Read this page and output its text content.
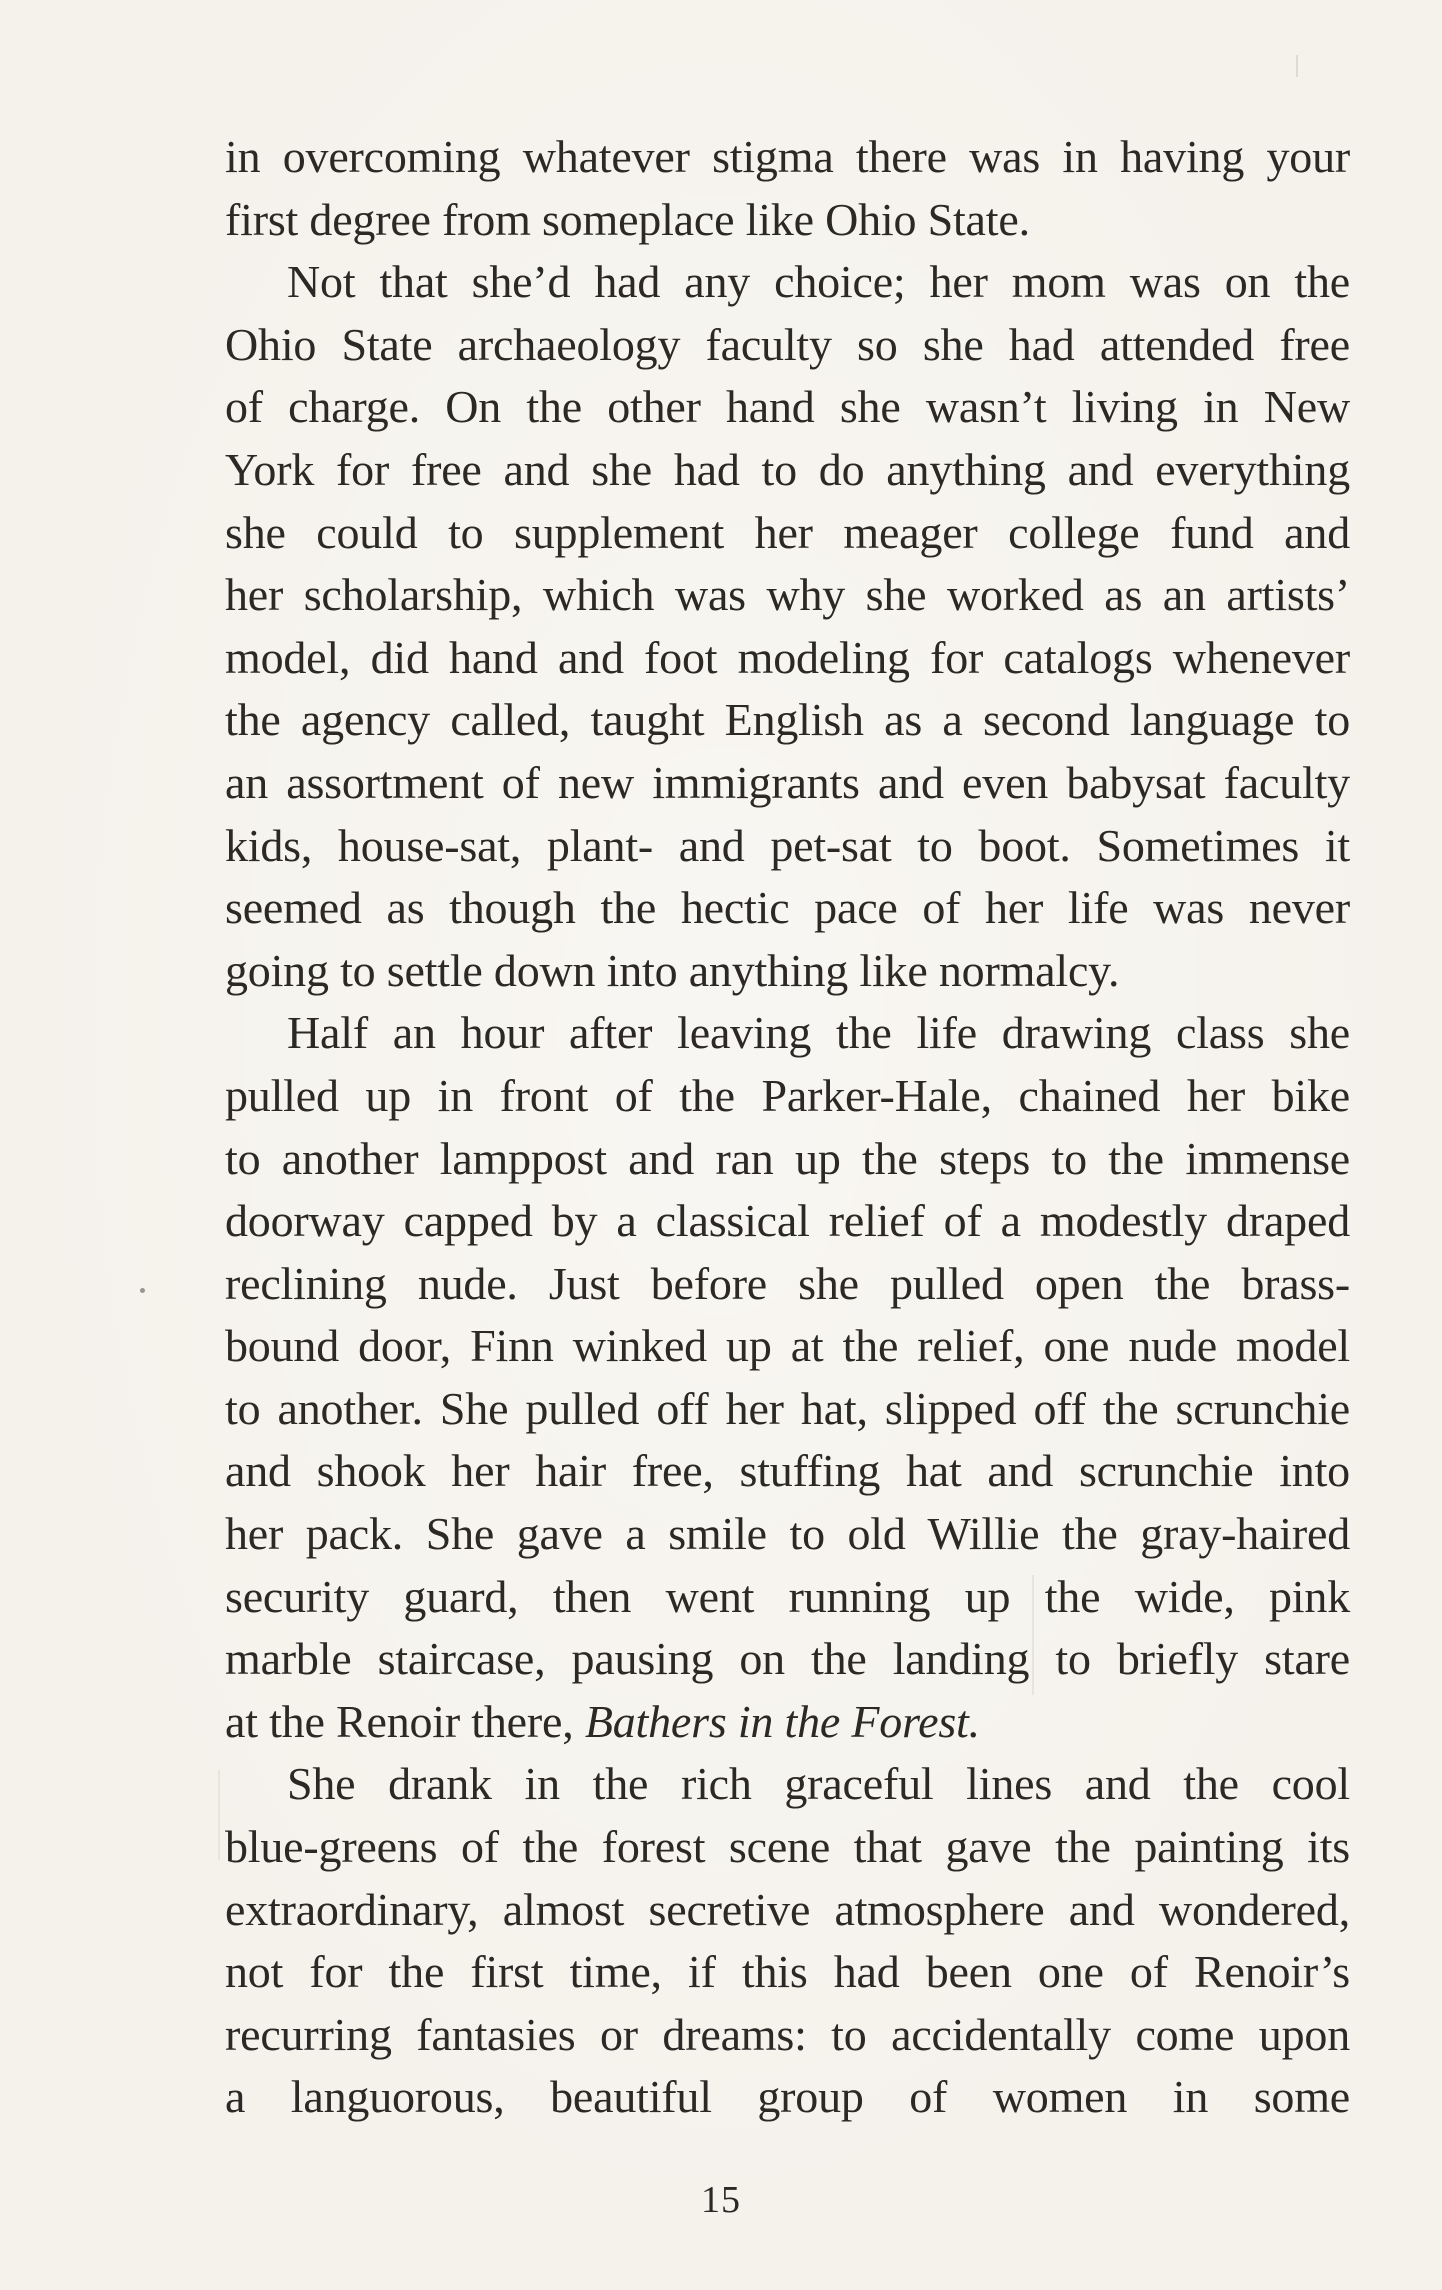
in overcoming whatever stigma there was in having your
first degree from someplace like Ohio State.
Not that she’d had any choice; her mom was on the
Ohio State archaeology faculty so she had attended free
of charge. On the other hand she wasn’t living in New
York for free and she had to do anything and everything
she could to supplement her meager college fund and
her scholarship, which was why she worked as an artists’
model, did hand and foot modeling for catalogs whenever
the agency called, taught English as a second language to
an assortment of new immigrants and even babysat faculty
kids, house-sat, plant- and pet-sat to boot. Sometimes it
seemed as though the hectic pace of her life was never
going to settle down into anything like normalcy.
Half an hour after leaving the life drawing class she
pulled up in front of the Parker-Hale, chained her bike
to another lamppost and ran up the steps to the immense
doorway capped by a classical relief of a modestly draped
reclining nude. Just before she pulled open the brass-
bound door, Finn winked up at the relief, one nude model
to another. She pulled off her hat, slipped off the scrunchie
and shook her hair free, stuffing hat and scrunchie into
her pack. She gave a smile to old Willie the gray-haired
security guard, then went running up the wide, pink
marble staircase, pausing on the landing to briefly stare
at the Renoir there, Bathers in the Forest.
She drank in the rich graceful lines and the cool
blue-greens of the forest scene that gave the painting its
extraordinary, almost secretive atmosphere and wondered,
not for the first time, if this had been one of Renoir’s
recurring fantasies or dreams: to accidentally come upon
a languorous, beautiful group of women in some
15
